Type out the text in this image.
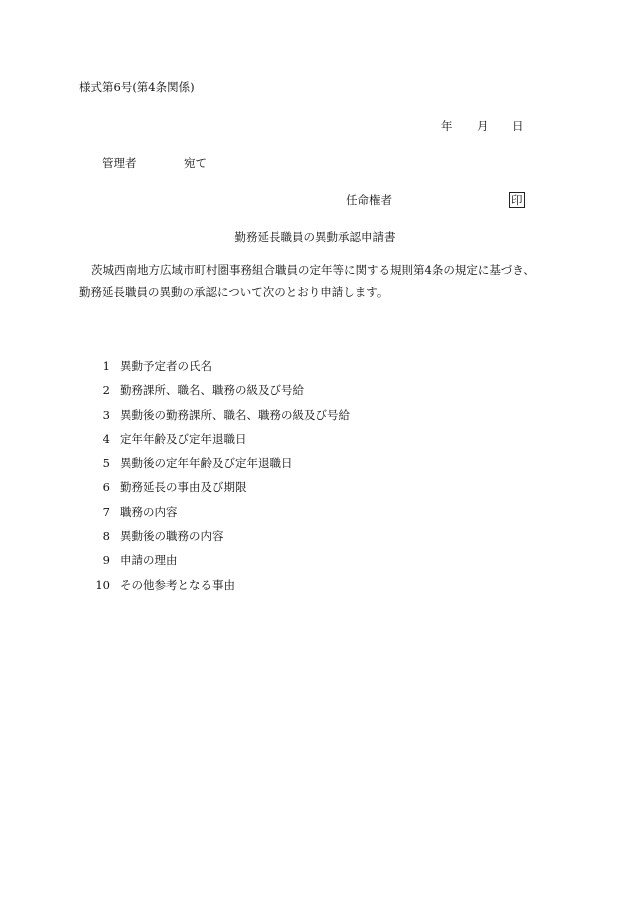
様式第6号(第4条関係)
年 月 日
管理者	宛て
任命権者	印
勤務延長職員の異動承認申請書
茨城西南地方広域市町村圏事務組合職員の定年等に関する規則第4条の規定に基づき、
勤務延長職員の異動の承認について次のとおり申請します。
1 異動予定者の氏名
2 勤務課所、職名、職務の級及び号給
3 異動後の勤務課所、職名、職務の級及び号給
4 定年年齢及び定年退職日
5 異動後の定年年齢及び定年退職日
6 勤務延長の事由及び期限
7 職務の内容
8 異動後の職務の内容
9 申請の理由
10 その他参考となる事由
